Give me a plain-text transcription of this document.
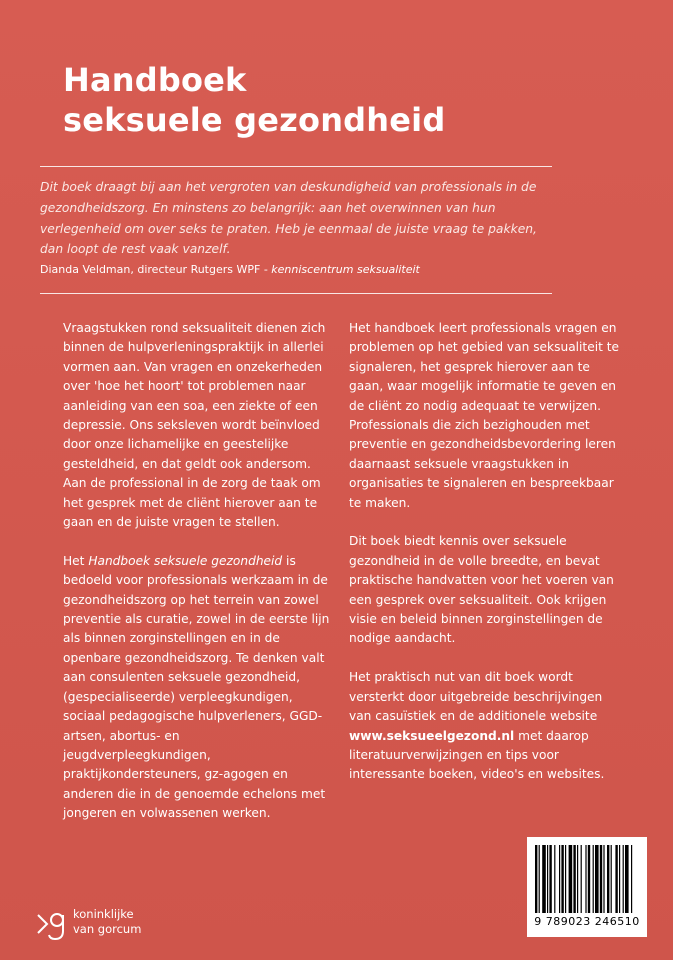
Handboek
seksuele gezondheid
Dit boek draagt bij aan het vergroten van deskundigheid van professionals in de gezondheidszorg. En minstens zo belangrijk: aan het overwinnen van hun verlegenheid om over seks te praten. Heb je eenmaal de juiste vraag te pakken, dan loopt de rest vaak vanzelf.
Dianda Veldman, directeur Rutgers WPF - kenniscentrum seksualiteit

Vraagstukken rond seksualiteit dienen zich binnen de hulpverleningspraktijk in allerlei vormen aan. Van vragen en onzekerheden over 'hoe het hoort' tot problemen naar aanleiding van een soa, een ziekte of een depressie. Ons seksleven wordt beïnvloed door onze lichamelijke en geestelijke gesteldheid, en dat geldt ook andersom. Aan de professional in de zorg de taak om het gesprek met de cliënt hierover aan te gaan en de juiste vragen te stellen.

Het Handboek seksuele gezondheid is bedoeld voor professionals werkzaam in de gezondheidszorg op het terrein van zowel preventie als curatie, zowel in de eerste lijn als binnen zorginstellingen en in de openbare gezondheidszorg. Te denken valt aan consulenten seksuele gezondheid, (gespecialiseerde) verpleegkundigen, sociaal pedagogische hulpverleners, GGD-artsen, abortus- en jeugdverpleegkundigen, praktijkondersteuners, gz-agogen en anderen die in de genoemde echelons met jongeren en volwassenen werken.

Het handboek leert professionals vragen en problemen op het gebied van seksualiteit te signaleren, het gesprek hierover aan te gaan, waar mogelijk informatie te geven en de cliënt zo nodig adequaat te verwijzen. Professionals die zich bezighouden met preventie en gezondheidsbevordering leren daarnaast seksuele vraagstukken in organisaties te signaleren en bespreekbaar te maken.

Dit boek biedt kennis over seksuele gezondheid in de volle breedte, en bevat praktische handvatten voor het voeren van een gesprek over seksualiteit. Ook krijgen visie en beleid binnen zorginstellingen de nodige aandacht.

Het praktisch nut van dit boek wordt versterkt door uitgebreide beschrijvingen van casuïstiek en de additionele website www.seksueelgezond.nl met daarop literatuurverwijzingen en tips voor interessante boeken, video's en websites.

9 789023 246510
koninklijke
van gorcum
